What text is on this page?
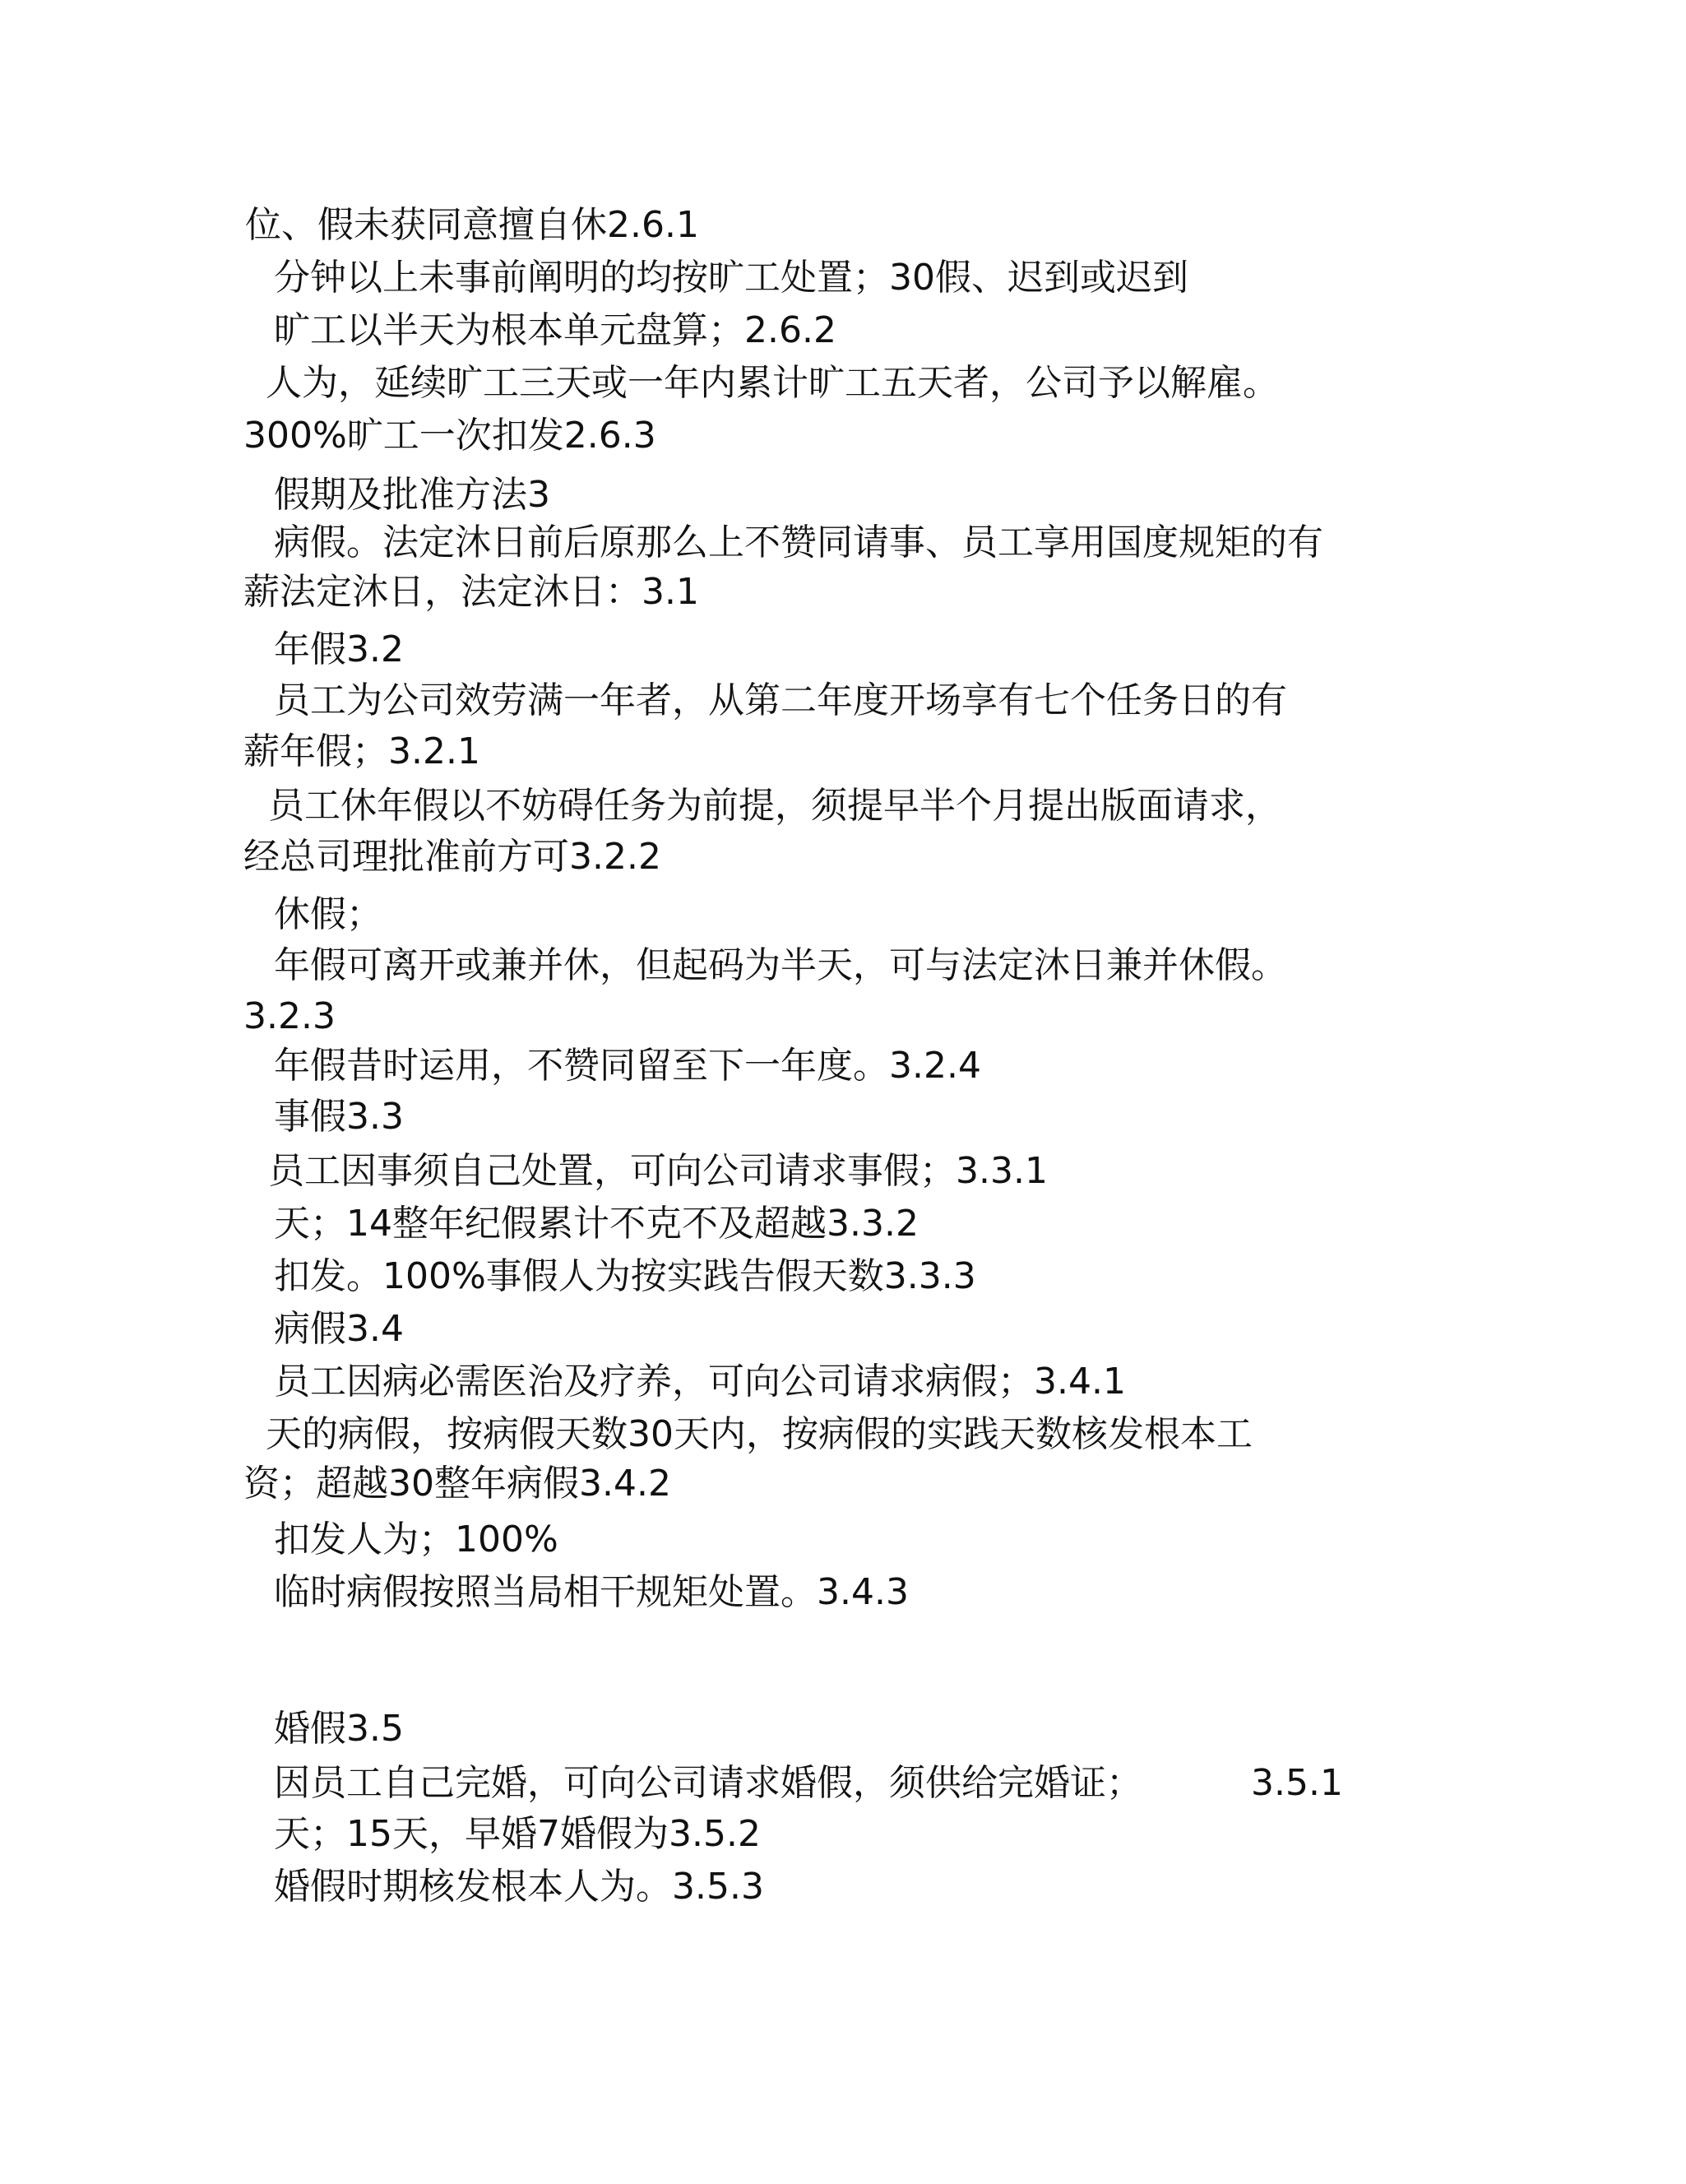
位、假未获同意擅自休2.6.1
分钟以上未事前阐明的均按旷工处置；30假、迟到或迟到
旷工以半天为根本单元盘算；2.6.2
人为，延续旷工三天或一年内累计旷工五天者，公司予以解雇。
300%旷工一次扣发2.6.3
假期及批准方法3
病假。法定沐日前后原那么上不赞同请事、员工享用国度规矩的有
薪法定沐日，法定沐日：3.1
年假3.2
员工为公司效劳满一年者，从第二年度开场享有七个任务日的有
薪年假；3.2.1
员工休年假以不妨碍任务为前提，须提早半个月提出版面请求，
经总司理批准前方可3.2.2
休假；
年假可离开或兼并休，但起码为半天，可与法定沐日兼并休假。
3.2.3
年假昔时运用，不赞同留至下一年度。3.2.4
事假3.3
员工因事须自己处置，可向公司请求事假；3.3.1
天；14整年纪假累计不克不及超越3.3.2
扣发。100%事假人为按实践告假天数3.3.3
病假3.4
员工因病必需医治及疗养，可向公司请求病假；3.4.1
天的病假，按病假天数30天内，按病假的实践天数核发根本工
资；超越30整年病假3.4.2
扣发人为；100%
临时病假按照当局相干规矩处置。3.4.3
婚假3.5
因员工自己完婚，可向公司请求婚假，须供给完婚证；	3.5.1
天；15天，早婚7婚假为3.5.2
婚假时期核发根本人为。3.5.3
